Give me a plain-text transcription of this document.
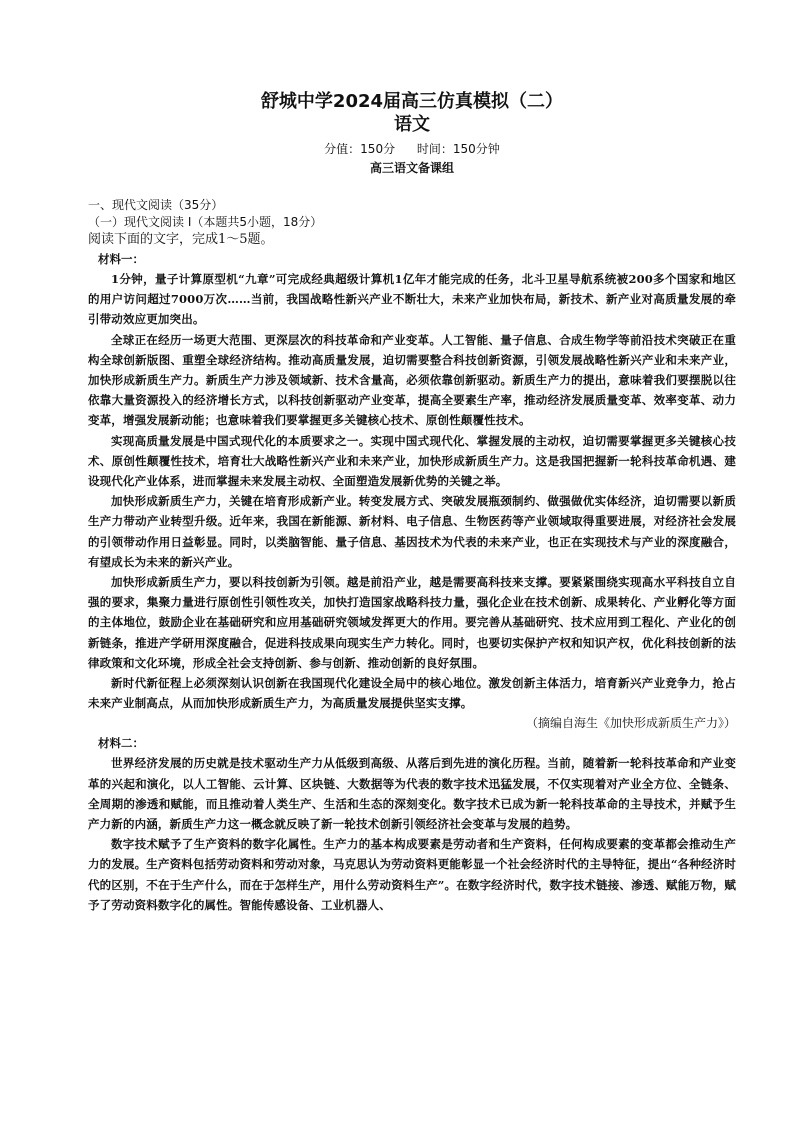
舒城中学2024届高三仿真模拟（二）
语文
分值：150分 时间：150分钟
高三语文备课组

一、现代文阅读（35分）

（一）现代文阅读 I（本题共5小题，18分）

阅读下面的文字，完成1～5题。

材料一：

1分钟，量子计算原型机“九章”可完成经典超级计算机1亿年才能完成的任务，北斗卫星导航系统被200多个国家和地区的用户访问超过7000万次……当前，我国战略性新兴产业不断壮大，未来产业加快布局，新技术、新产业对高质量发展的牵引带动效应更加突出。

全球正在经历一场更大范围、更深层次的科技革命和产业变革。人工智能、量子信息、合成生物学等前沿技术突破正在重构全球创新版图、重塑全球经济结构。推动高质量发展，迫切需要整合科技创新资源，引领发展战略性新兴产业和未来产业，加快形成新质生产力。新质生产力涉及领域新、技术含量高，必须依靠创新驱动。新质生产力的提出，意味着我们要摆脱以往依靠大量资源投入的经济增长方式，以科技创新驱动产业变革，提高全要素生产率，推动经济发展质量变革、效率变革、动力变革，增强发展新动能；也意味着我们要掌握更多关键核心技术、原创性颠覆性技术。

实现高质量发展是中国式现代化的本质要求之一。实现中国式现代化、掌握发展的主动权，迫切需要掌握更多关键核心技术、原创性颠覆性技术，培育壮大战略性新兴产业和未来产业，加快形成新质生产力。这是我国把握新一轮科技革命机遇、建设现代化产业体系，进而掌握未来发展主动权、全面塑造发展新优势的关键之举。

加快形成新质生产力，关键在培育形成新产业。转变发展方式、突破发展瓶颈制约、做强做优实体经济，迫切需要以新质生产力带动产业转型升级。近年来，我国在新能源、新材料、电子信息、生物医药等产业领域取得重要进展，对经济社会发展的引领带动作用日益彰显。同时，以类脑智能、量子信息、基因技术为代表的未来产业，也正在实现技术与产业的深度融合，有望成长为未来的新兴产业。

加快形成新质生产力，要以科技创新为引领。越是前沿产业，越是需要高科技来支撑。要紧紧围绕实现高水平科技自立自强的要求，集聚力量进行原创性引领性攻关，加快打造国家战略科技力量，强化企业在技术创新、成果转化、产业孵化等方面的主体地位，鼓励企业在基础研究和应用基础研究领域发挥更大的作用。要完善从基础研究、技术应用到工程化、产业化的创新链条，推进产学研用深度融合，促进科技成果向现实生产力转化。同时，也要切实保护产权和知识产权，优化科技创新的法律政策和文化环境，形成全社会支持创新、参与创新、推动创新的良好氛围。

新时代新征程上必须深刻认识创新在我国现代化建设全局中的核心地位。激发创新主体活力，培育新兴产业竞争力，抢占未来产业制高点，从而加快形成新质生产力，为高质量发展提供坚实支撑。

（摘编自海生《加快形成新质生产力》）

材料二：

世界经济发展的历史就是技术驱动生产力从低级到高级、从落后到先进的演化历程。当前，随着新一轮科技革命和产业变革的兴起和演化，以人工智能、云计算、区块链、大数据等为代表的数字技术迅猛发展，不仅实现着对产业全方位、全链条、全周期的渗透和赋能，而且推动着人类生产、生活和生态的深刻变化。数字技术已成为新一轮科技革命的主导技术，并赋予生产力新的内涵，新质生产力这一概念就反映了新一轮技术创新引领经济社会变革与发展的趋势。

数字技术赋予了生产资料的数字化属性。生产力的基本构成要素是劳动者和生产资料，任何构成要素的变革都会推动生产力的发展。生产资料包括劳动资料和劳动对象，马克思认为劳动资料更能彰显一个社会经济时代的主导特征，提出“各种经济时代的区别，不在于生产什么，而在于怎样生产，用什么劳动资料生产”。在数字经济时代，数字技术链接、渗透、赋能万物，赋予了劳动资料数字化的属性。智能传感设备、工业机器人、
